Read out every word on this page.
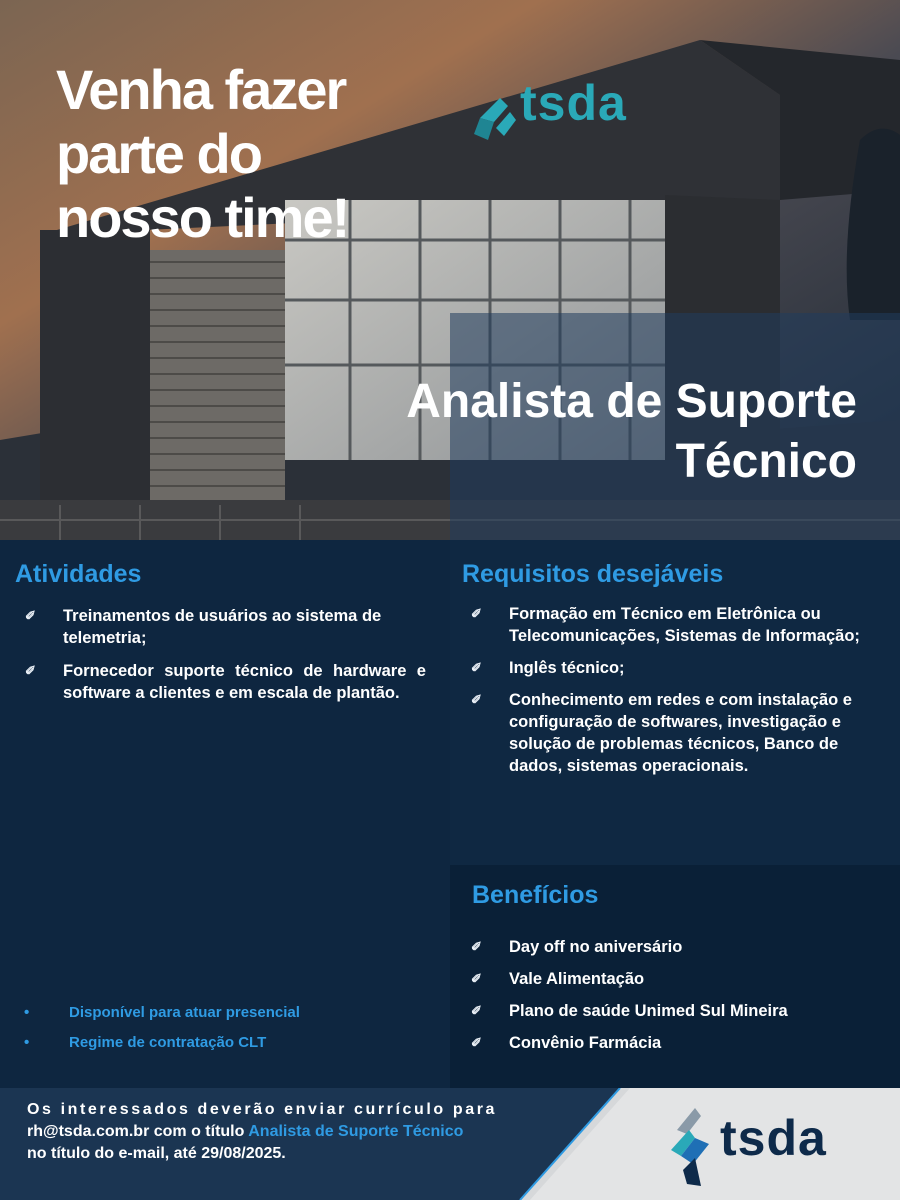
tsda
Venha fazer
parte do
nosso time!
Analista de Suporte
Técnico
Atividades
✐ Treinamentos de usuários ao sistema de telemetria;
✐ Fornecedor suporte técnico de hardware e software a clientes e em escala de plantão.
Requisitos desejáveis
✐ Formação em Técnico em Eletrônica ou Telecomunicações, Sistemas de Informação;
✐ Inglês técnico;
✐ Conhecimento em redes e com instalação e configuração de softwares, investigação e solução de problemas técnicos, Banco de dados, sistemas operacionais.
Benefícios
✐ Day off no aniversário
✐ Vale Alimentação
✐ Plano de saúde Unimed Sul Mineira
✐ Convênio Farmácia
•	Disponível para atuar presencial
•	Regime de contratação CLT

Os interessados deverão enviar currículo para
rh@tsda.com.br com o título Analista de Suporte Técnico
no título do e-mail, até 29/08/2025.	tsda
